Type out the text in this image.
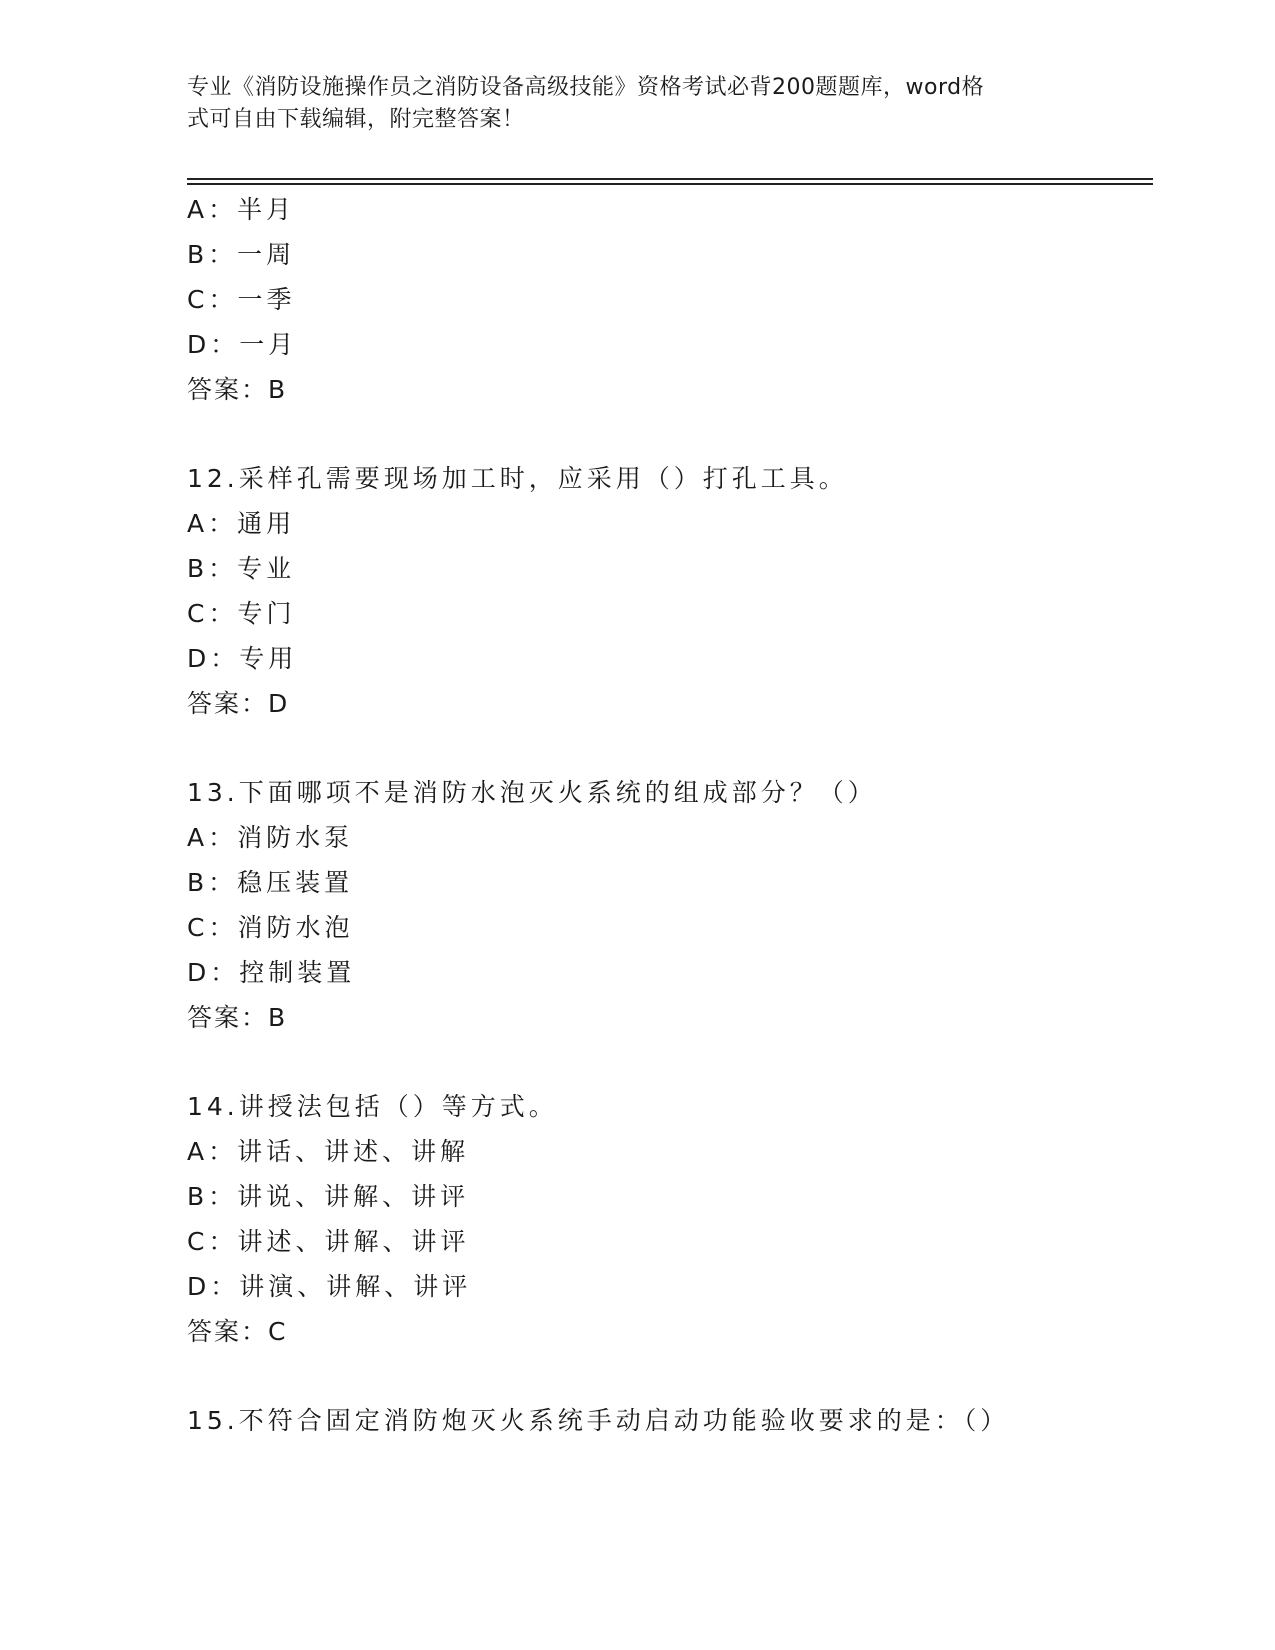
专业《消防设施操作员之消防设备高级技能》资格考试必背200题题库，word格
式可自由下载编辑，附完整答案！
A：半月
B：一周
C：一季
D：一月
答案：B
12.采样孔需要现场加工时，应采用（）打孔工具。
A：通用
B：专业
C：专门
D：专用
答案：D
13.下面哪项不是消防水泡灭火系统的组成部分？（）
A：消防水泵
B：稳压装置
C：消防水泡
D：控制装置
答案：B
14.讲授法包括（）等方式。
A：讲话、讲述、讲解
B：讲说、讲解、讲评
C：讲述、讲解、讲评
D：讲演、讲解、讲评
答案：C
15.不符合固定消防炮灭火系统手动启动功能验收要求的是：（）
